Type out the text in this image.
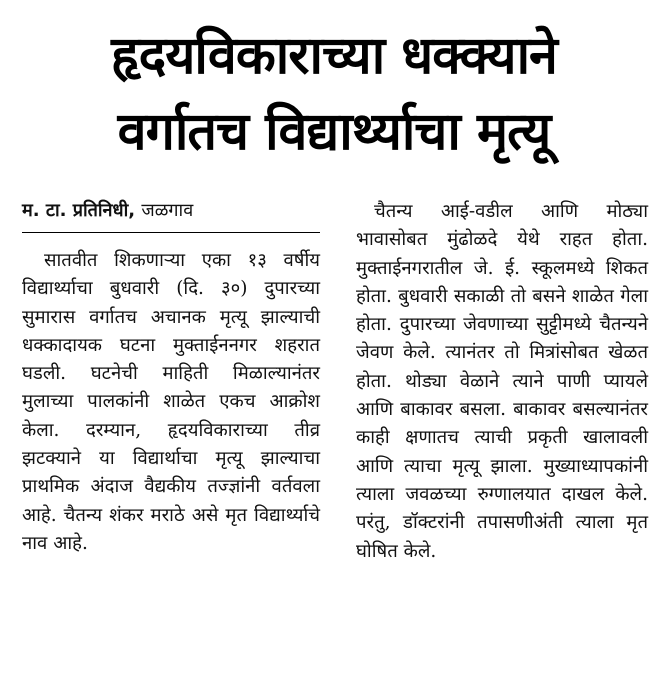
हृदयविकाराच्या धक्क्याने
वर्गातच विद्यार्थ्याचा मृत्यू
म. टा. प्रतिनिधी, जळगाव

सातवीत शिकणाऱ्या एका १३ वर्षीय विद्यार्थ्याचा बुधवारी (दि. ३०) दुपारच्या सुमारास वर्गातच अचानक मृत्यू झाल्याची धक्कादायक घटना मुक्ताईननगर शहरात घडली. घटनेची माहिती मिळाल्यानंतर मुलाच्या पालकांनी शाळेत एकच आक्रोश केला. दरम्यान, हृदयविकाराच्या तीव्र झटक्याने या विद्यार्थाचा मृत्यू झाल्याचा प्राथमिक अंदाज वैद्यकीय तज्ज्ञांनी वर्तवला आहे. चैतन्य शंकर मराठे असे मृत विद्यार्थ्याचे नाव आहे.

चैतन्य आई-वडील आणि मोठ्या भावासोबत मुंढोळदे येथे राहत होता. मुक्ताईनगरातील जे. ई. स्कूलमध्ये शिकत होता. बुधवारी सकाळी तो बसने शाळेत गेला होता. दुपारच्या जेवणाच्या सुट्टीमध्ये चैतन्यने जेवण केले. त्यानंतर तो मित्रांसोबत खेळत होता. थोड्या वेळाने त्याने पाणी प्यायले आणि बाकावर बसला. बाकावर बसल्यानंतर काही क्षणातच त्याची प्रकृती खालावली आणि त्याचा मृत्यू झाला. मुख्याध्यापकांनी त्याला जवळच्या रुग्णालयात दाखल केले. परंतु, डॉक्टरांनी तपासणीअंती त्याला मृत घोषित केले.
